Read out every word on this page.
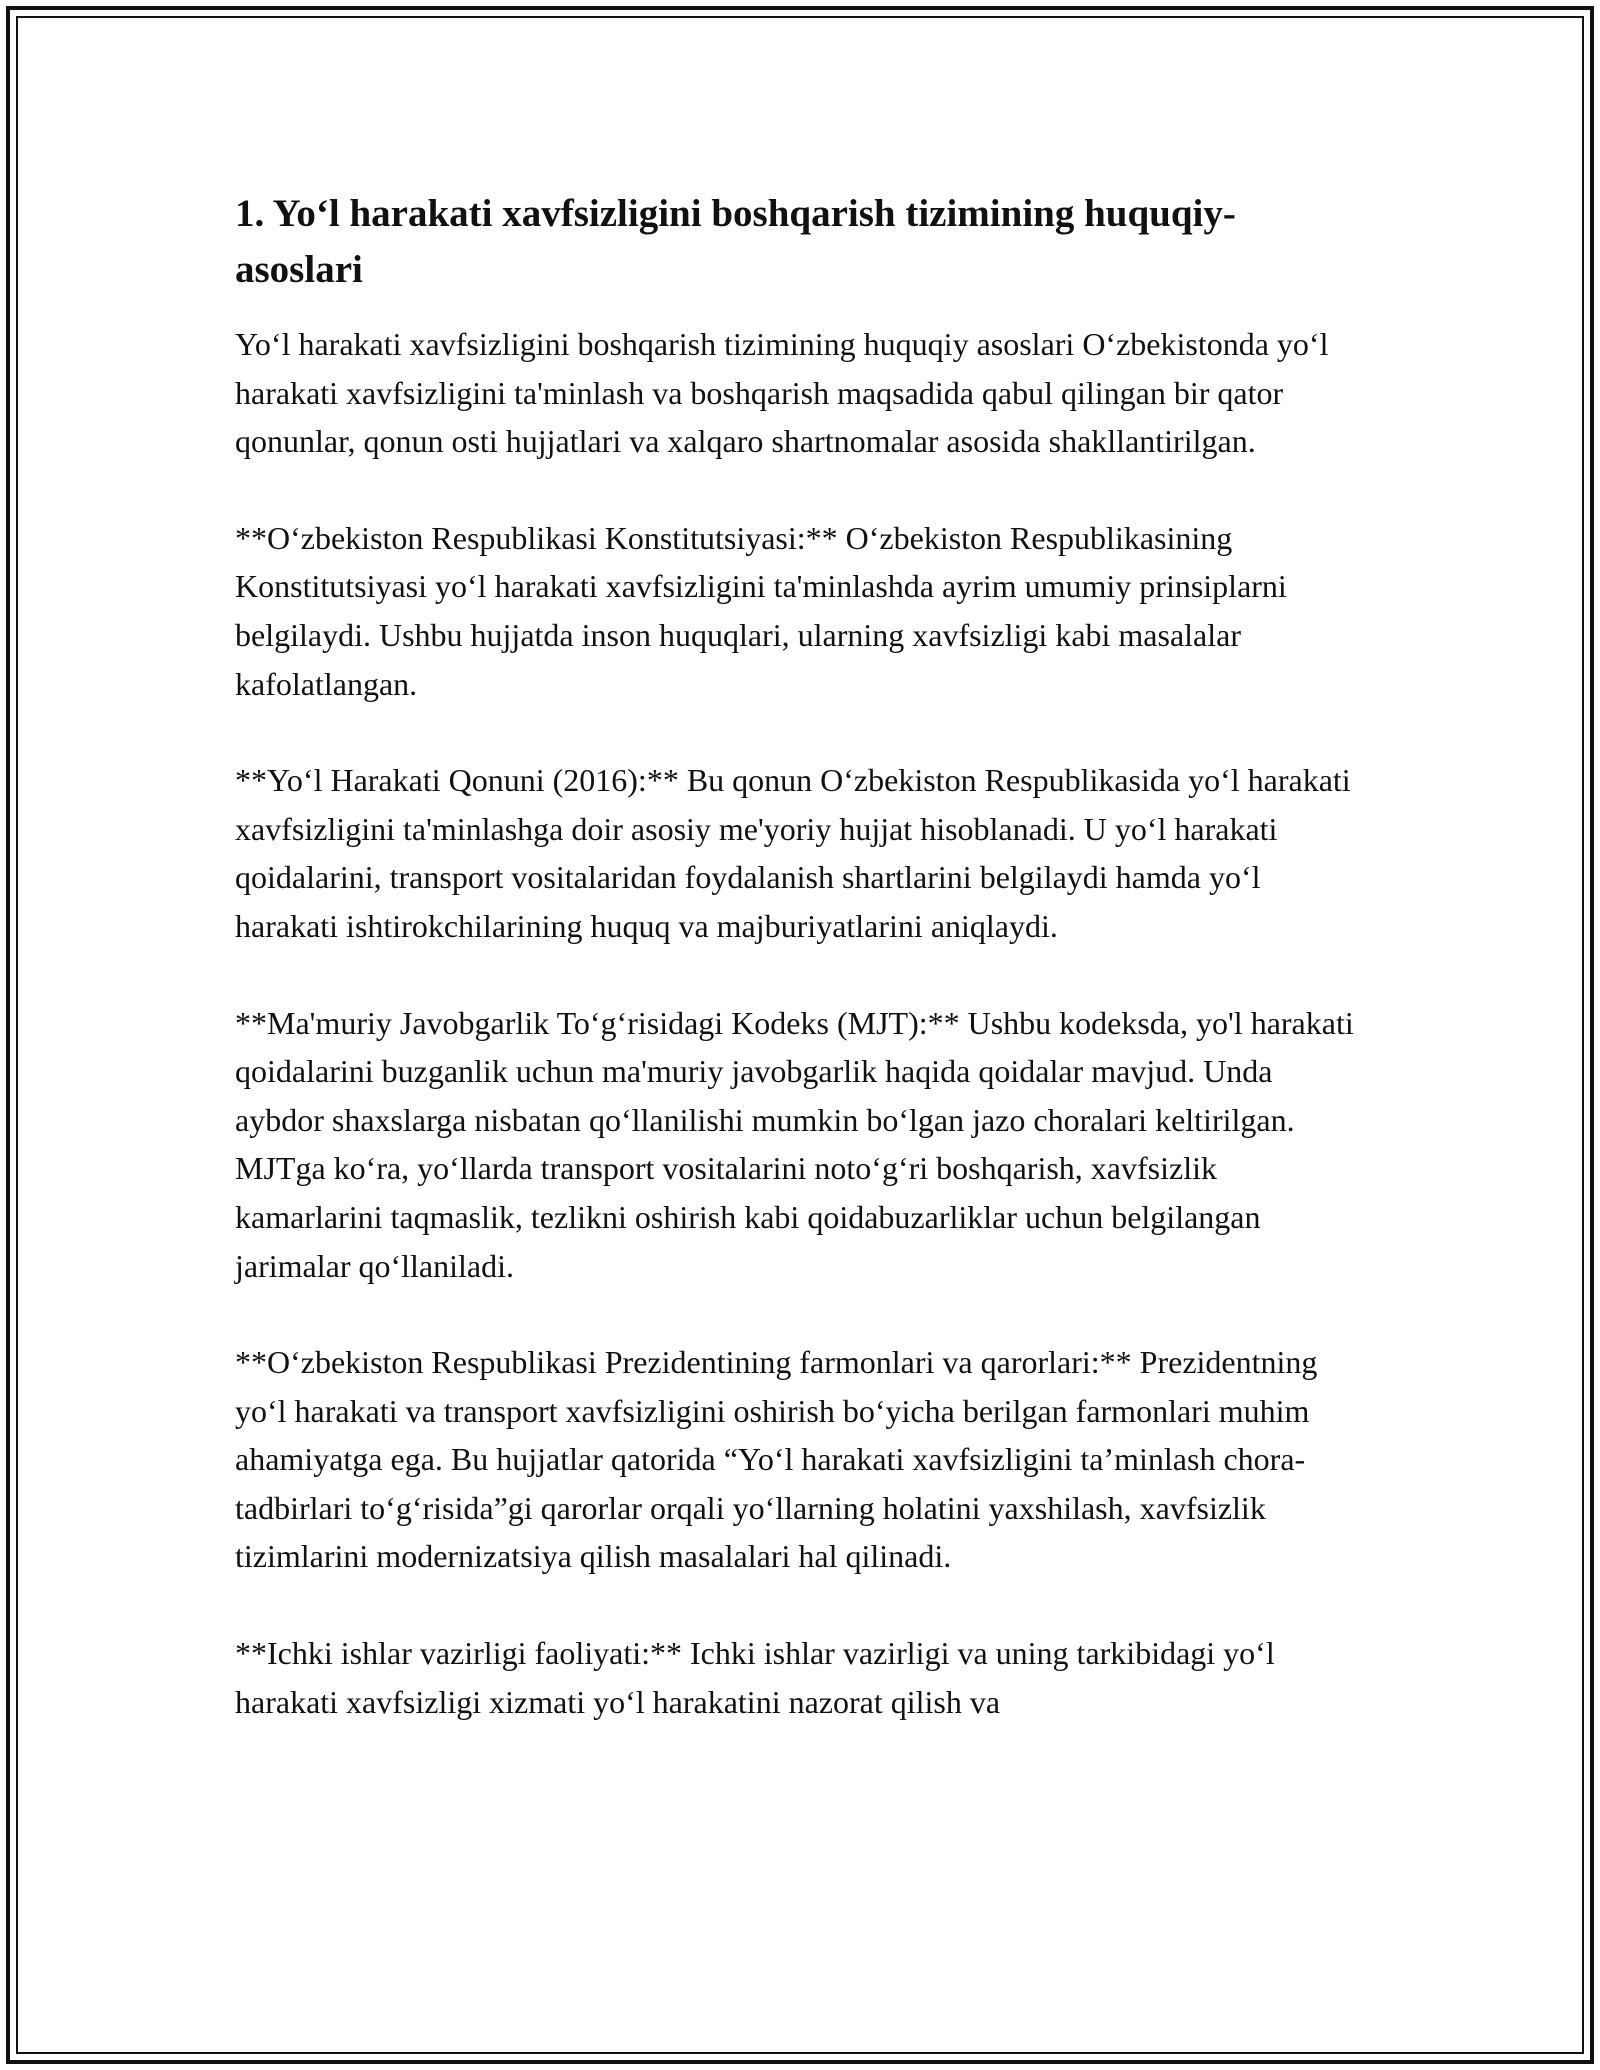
1. Yo‘l harakati xavfsizligini boshqarish tizimining huquqiy- asoslari

Yo‘l harakati xavfsizligini boshqarish tizimining huquqiy asoslari O‘zbekistonda yo‘l harakati xavfsizligini ta'minlash va boshqarish maqsadida qabul qilingan bir qator qonunlar, qonun osti hujjatlari va xalqaro shartnomalar asosida shakllantirilgan.

**O‘zbekiston Respublikasi Konstitutsiyasi:** O‘zbekiston Respublikasining Konstitutsiyasi yo‘l harakati xavfsizligini ta'minlashda ayrim umumiy prinsiplarni belgilaydi. Ushbu hujjatda inson huquqlari, ularning xavfsizligi kabi masalalar kafolatlangan.

**Yo‘l Harakati Qonuni (2016):** Bu qonun O‘zbekiston Respublikasida yo‘l harakati xavfsizligini ta'minlashga doir asosiy me'yoriy hujjat hisoblanadi. U yo‘l harakati qoidalarini, transport vositalaridan foydalanish shartlarini belgilaydi hamda yo‘l harakati ishtirokchilarining huquq va majburiyatlarini aniqlaydi.

**Ma'muriy Javobgarlik To‘g‘risidagi Kodeks (MJT):** Ushbu kodeksda, yo'l harakati qoidalarini buzganlik uchun ma'muriy javobgarlik haqida qoidalar mavjud. Unda aybdor shaxslarga nisbatan qo‘llanilishi mumkin bo‘lgan jazo choralari keltirilgan. MJTga ko‘ra, yo‘llarda transport vositalarini noto‘g‘ri boshqarish, xavfsizlik kamarlarini taqmaslik, tezlikni oshirish kabi qoidabuzarliklar uchun belgilangan jarimalar qo‘llaniladi.

**O‘zbekiston Respublikasi Prezidentining farmonlari va qarorlari:** Prezidentning yo‘l harakati va transport xavfsizligini oshirish bo‘yicha berilgan farmonlari muhim ahamiyatga ega. Bu hujjatlar qatorida “Yo‘l harakati xavfsizligini ta’minlash chora-tadbirlari to‘g‘risida”gi qarorlar orqali yo‘llarning holatini yaxshilash, xavfsizlik tizimlarini modernizatsiya qilish masalalari hal qilinadi.

**Ichki ishlar vazirligi faoliyati:** Ichki ishlar vazirligi va uning tarkibidagi yo‘l harakati xavfsizligi xizmati yo‘l harakatini nazorat qilish va
